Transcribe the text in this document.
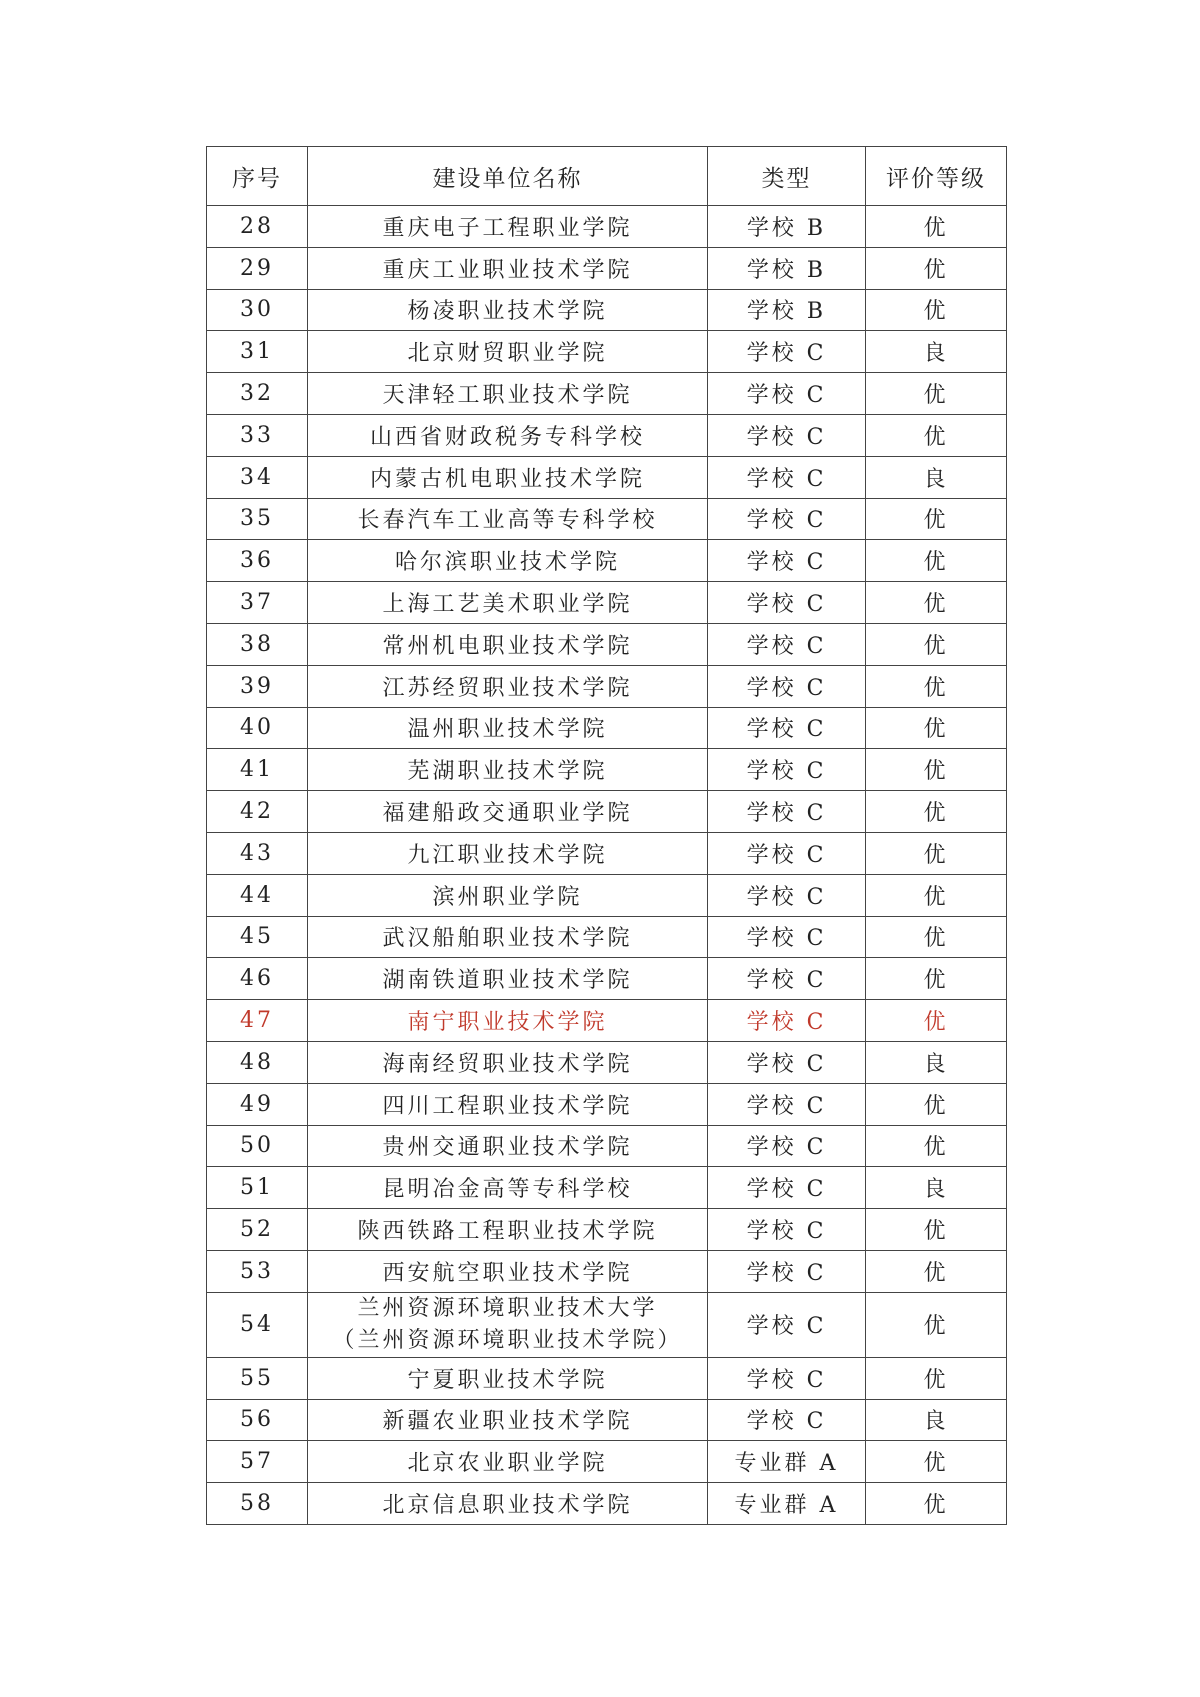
序号	建设单位名称	类型	评价等级
28	重庆电子工程职业学院	学校 B	优
29	重庆工业职业技术学院	学校 B	优
30	杨凌职业技术学院	学校 B	优
31	北京财贸职业学院	学校 C	良
32	天津轻工职业技术学院	学校 C	优
33	山西省财政税务专科学校	学校 C	优
34	内蒙古机电职业技术学院	学校 C	良
35	长春汽车工业高等专科学校	学校 C	优
36	哈尔滨职业技术学院	学校 C	优
37	上海工艺美术职业学院	学校 C	优
38	常州机电职业技术学院	学校 C	优
39	江苏经贸职业技术学院	学校 C	优
40	温州职业技术学院	学校 C	优
41	芜湖职业技术学院	学校 C	优
42	福建船政交通职业学院	学校 C	优
43	九江职业技术学院	学校 C	优
44	滨州职业学院	学校 C	优
45	武汉船舶职业技术学院	学校 C	优
46	湖南铁道职业技术学院	学校 C	优
47	南宁职业技术学院	学校 C	优
48	海南经贸职业技术学院	学校 C	良
49	四川工程职业技术学院	学校 C	优
50	贵州交通职业技术学院	学校 C	优
51	昆明冶金高等专科学校	学校 C	良
52	陕西铁路工程职业技术学院	学校 C	优
53	西安航空职业技术学院	学校 C	优
54	兰州资源环境职业技术大学
（兰州资源环境职业技术学院）	学校 C	优
55	宁夏职业技术学院	学校 C	优
56	新疆农业职业技术学院	学校 C	良
57	北京农业职业学院	专业群 A	优
58	北京信息职业技术学院	专业群 A	优
